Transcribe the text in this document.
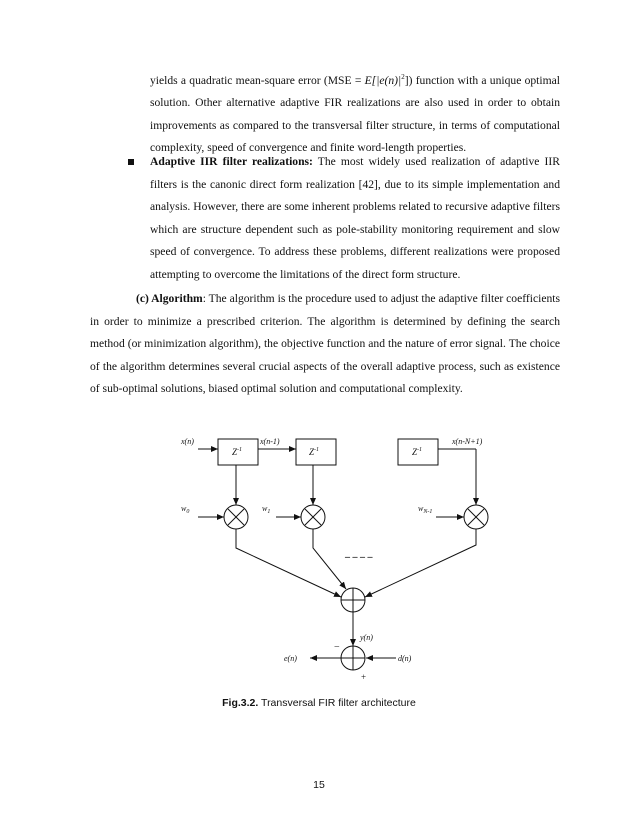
yields a quadratic mean-square error $(MSE = E[|e(n)|^2])$ function with a unique optimal solution. Other alternative adaptive FIR realizations are also used in order to obtain improvements as compared to the transversal filter structure, in terms of computational complexity, speed of convergence and finite word-length properties.
Adaptive IIR filter realizations: The most widely used realization of adaptive IIR filters is the canonic direct form realization [42], due to its simple implementation and analysis. However, there are some inherent problems related to recursive adaptive filters which are structure dependent such as pole-stability monitoring requirement and slow speed of convergence. To address these problems, different realizations were proposed attempting to overcome the limitations of the direct form structure.
(c) Algorithm: The algorithm is the procedure used to adjust the adaptive filter coefficients in order to minimize a prescribed criterion. The algorithm is determined by defining the search method (or minimization algorithm), the objective function and the nature of error signal. The choice of the algorithm determines several crucial aspects of the overall adaptive process, such as existence of sub-optimal solutions, biased optimal solution and computational complexity.
x(n)	x(n-1)	x(n-N+1)
$Z^{-1}$	$Z^{-1}$	$Z^{-1}$
$w_0$	$w_1$	$w_{N-1}$
– – – –
y(n)
e(n)	d(n)
−
+
Fig.3.2. Transversal FIR filter architecture
15
